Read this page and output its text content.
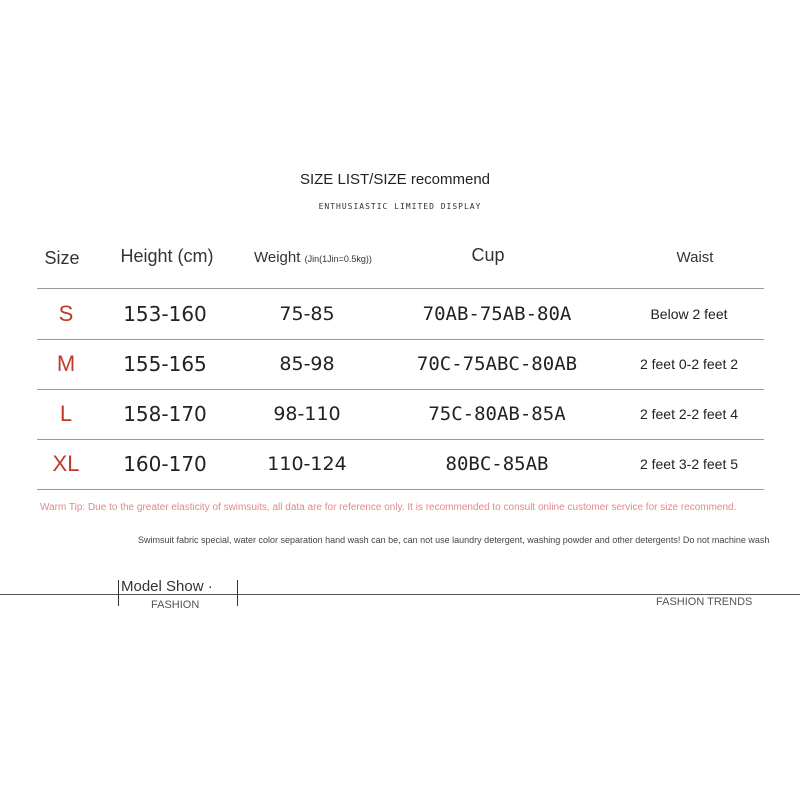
SIZE LIST/SIZE recommend
ENTHUSIASTIC LIMITED DISPLAY
Size	Height (cm)	Weight (Jin(1Jin=0.5kg))	Cup	Waist
S	153-160	75-85	70AB-75AB-80A	Below 2 feet
M	155-165	85-98	70C-75ABC-80AB	2 feet 0-2 feet 2
L	158-170	98-110	75C-80AB-85A	2 feet 2-2 feet 4
XL	160-170	110-124	80BC-85AB	2 feet 3-2 feet 5
Warm Tip: Due to the greater elasticity of swimsuits, all data are for reference only. It is recommended to consult online customer service for size recommend.
Swimsuit fabric special, water color separation hand wash can be, can not use laundry detergent, washing powder and other detergents! Do not machine wash
Model Show ·
FASHION	FASHION TRENDS
